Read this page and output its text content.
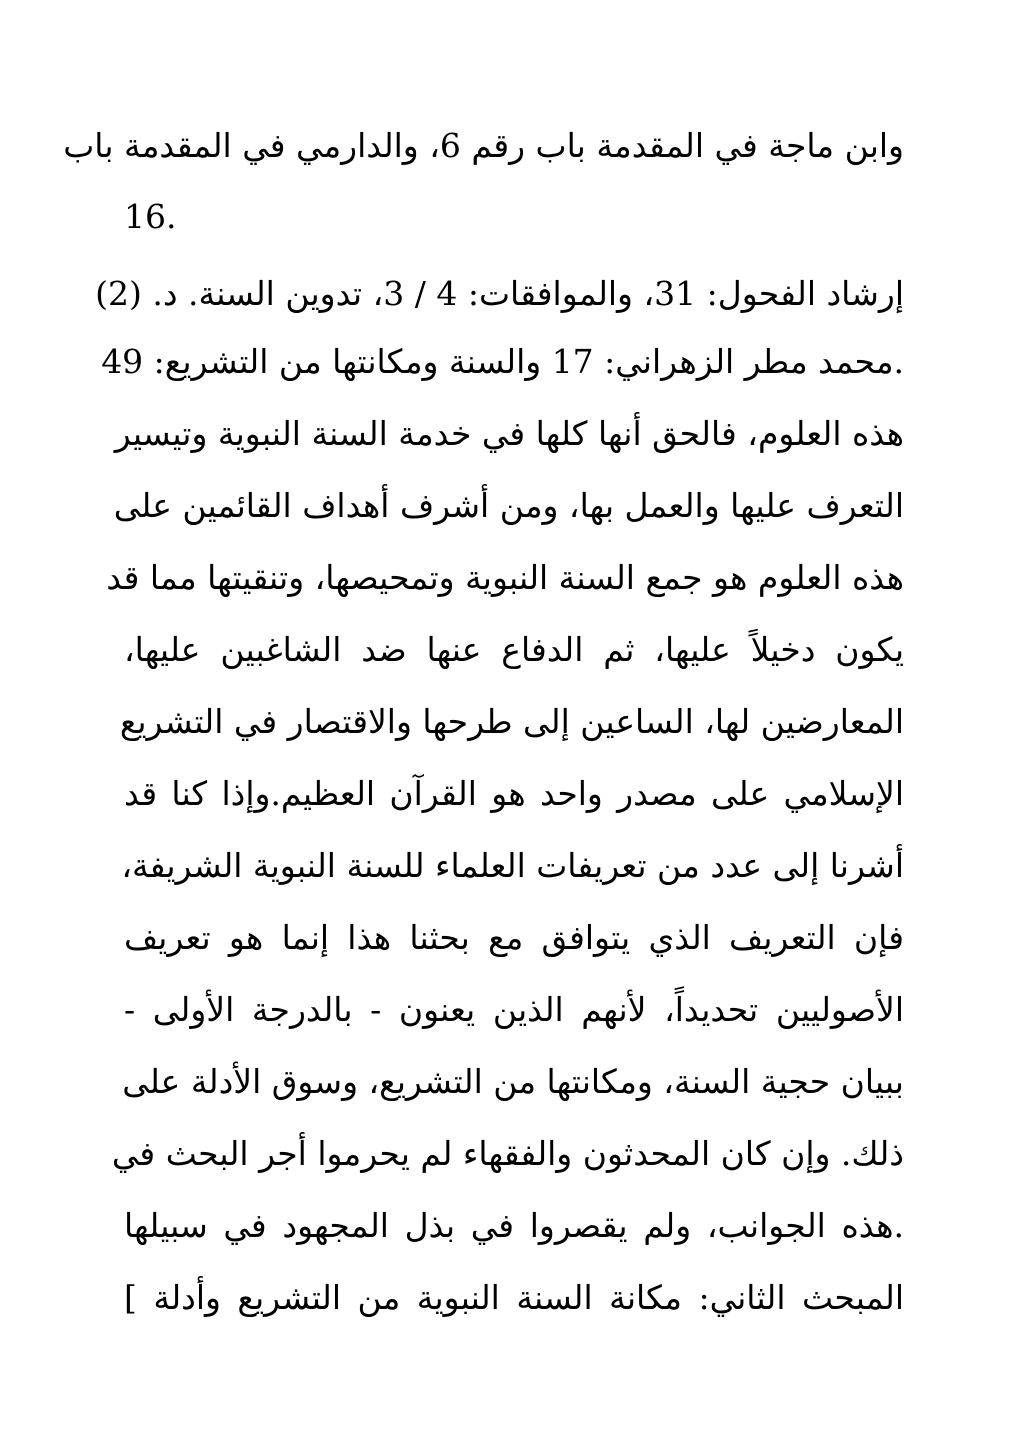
وابن ماجة في المقدمة باب رقم 6، والدارمي في المقدمة باب
16.
إرشاد الفحول: 31، والموافقات: 4 / 3، تدوين السنة. د. (2)
.محمد مطر الزهراني: 17 والسنة ومكانتها من التشريع: 49
هذه العلوم، فالحق أنها كلها في خدمة السنة النبوية وتيسير
التعرف عليها والعمل بها، ومن أشرف أهداف القائمين على
هذه العلوم هو جمع السنة النبوية وتمحيصها، وتنقيتها مما قد
يكون دخيلاً عليها، ثم الدفاع عنها ضد الشاغبين عليها،
المعارضين لها، الساعين إلى طرحها والاقتصار في التشريع
الإسلامي على مصدر واحد هو القرآن العظيم.وإذا كنا قد
أشرنا إلى عدد من تعريفات العلماء للسنة النبوية الشريفة،
فإن التعريف الذي يتوافق مع بحثنا هذا إنما هو تعريف
الأصوليين تحديداً، لأنهم الذين يعنون - بالدرجة الأولى -
ببيان حجية السنة، ومكانتها من التشريع، وسوق الأدلة على
ذلك. وإن كان المحدثون والفقهاء لم يحرموا أجر البحث في
.هذه الجوانب، ولم يقصروا في بذل المجهود في سبيلها
المبحث الثاني: مكانة السنة النبوية من التشريع وأدلة ]
